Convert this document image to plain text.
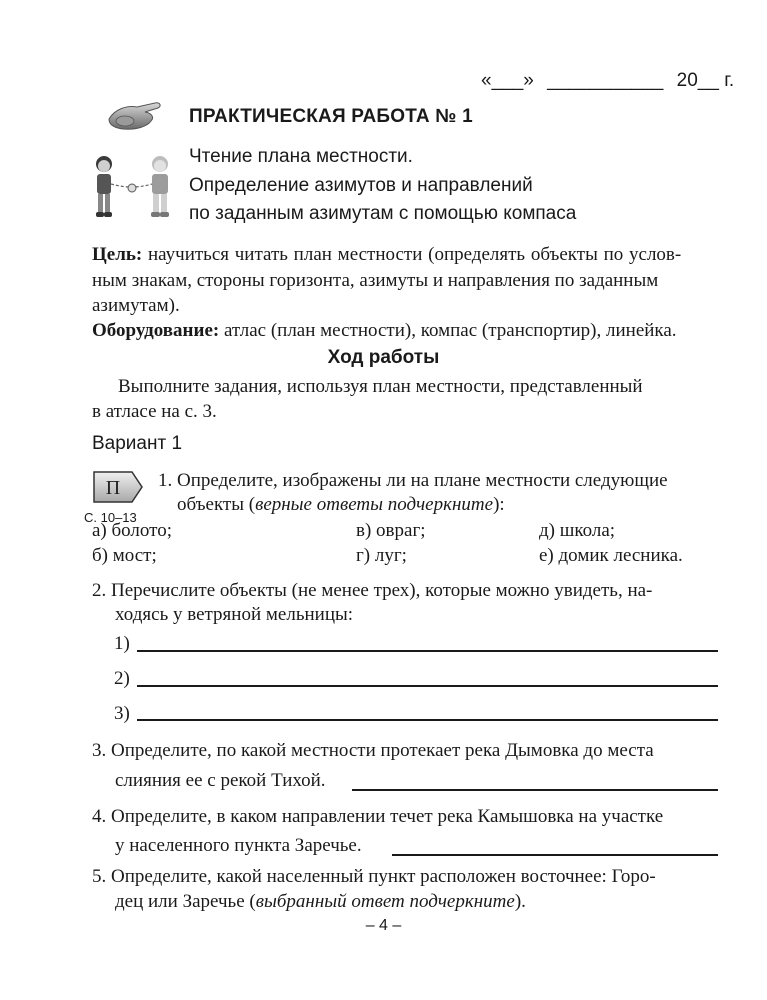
«___» ___________ 20__ г.
ПРАКТИЧЕСКАЯ РАБОТА № 1
Чтение плана местности.
Определение азимутов и направлений
по заданным азимутам с помощью компаса
Цель: научиться читать план местности (определять объекты по услов-
ным знакам, стороны горизонта, азимуты и направления по заданным
азимутам).
Оборудование: атлас (план местности), компас (транспортир), линейка.
Ход работы
Выполните задания, используя план местности, представленный
в атласе на с. 3.
Вариант 1
П
С. 10–13
1. Определите, изображены ли на плане местности следующие
объекты (верные ответы подчеркните):
а) болото;	в) овраг;	д) школа;
б) мост;	г) луг;	е) домик лесника.
2. Перечислите объекты (не менее трех), которые можно увидеть, на-
ходясь у ветряной мельницы:
1)
2)
3)
3. Определите, по какой местности протекает река Дымовка до места
слияния ее с рекой Тихой.
4. Определите, в каком направлении течет река Камышовка на участке
у населенного пункта Заречье.
5. Определите, какой населенный пункт расположен восточнее: Горо-
дец или Заречье (выбранный ответ подчеркните).
– 4 –
